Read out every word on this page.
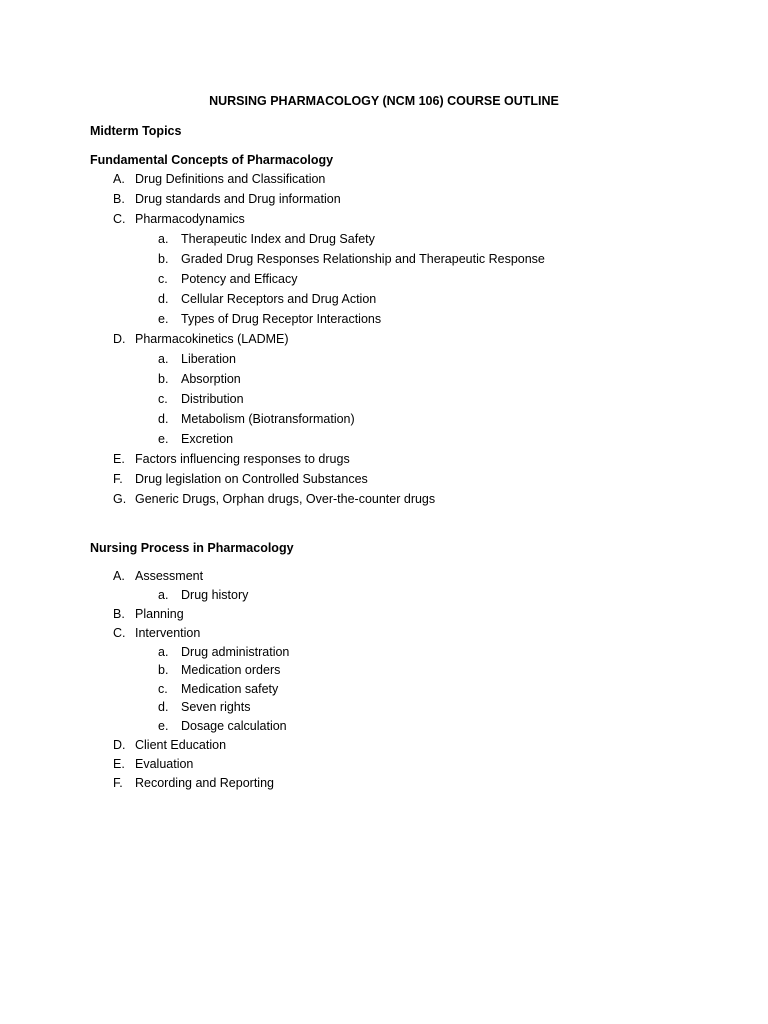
NURSING PHARMACOLOGY (NCM 106) COURSE OUTLINE
Midterm Topics
Fundamental Concepts of Pharmacology
A. Drug Definitions and Classification
B. Drug standards and Drug information
C. Pharmacodynamics
a.	Therapeutic Index and Drug Safety
b.	Graded Drug Responses Relationship and Therapeutic Response
c.	Potency and Efficacy
d.	Cellular Receptors and Drug Action
e.	Types of Drug Receptor Interactions
D. Pharmacokinetics (LADME)
a.	Liberation
b.	Absorption
c.	Distribution
d.	Metabolism (Biotransformation)
e.	Excretion
E. Factors influencing responses to drugs
F. Drug legislation on Controlled Substances
G. Generic Drugs, Orphan drugs, Over-the-counter drugs
Nursing Process in Pharmacology
A. Assessment
a.	Drug history
B. Planning
C. Intervention
a.	Drug administration
b.	Medication orders
c.	Medication safety
d.	Seven rights
e.	Dosage calculation
D. Client Education
E. Evaluation
F. Recording and Reporting
